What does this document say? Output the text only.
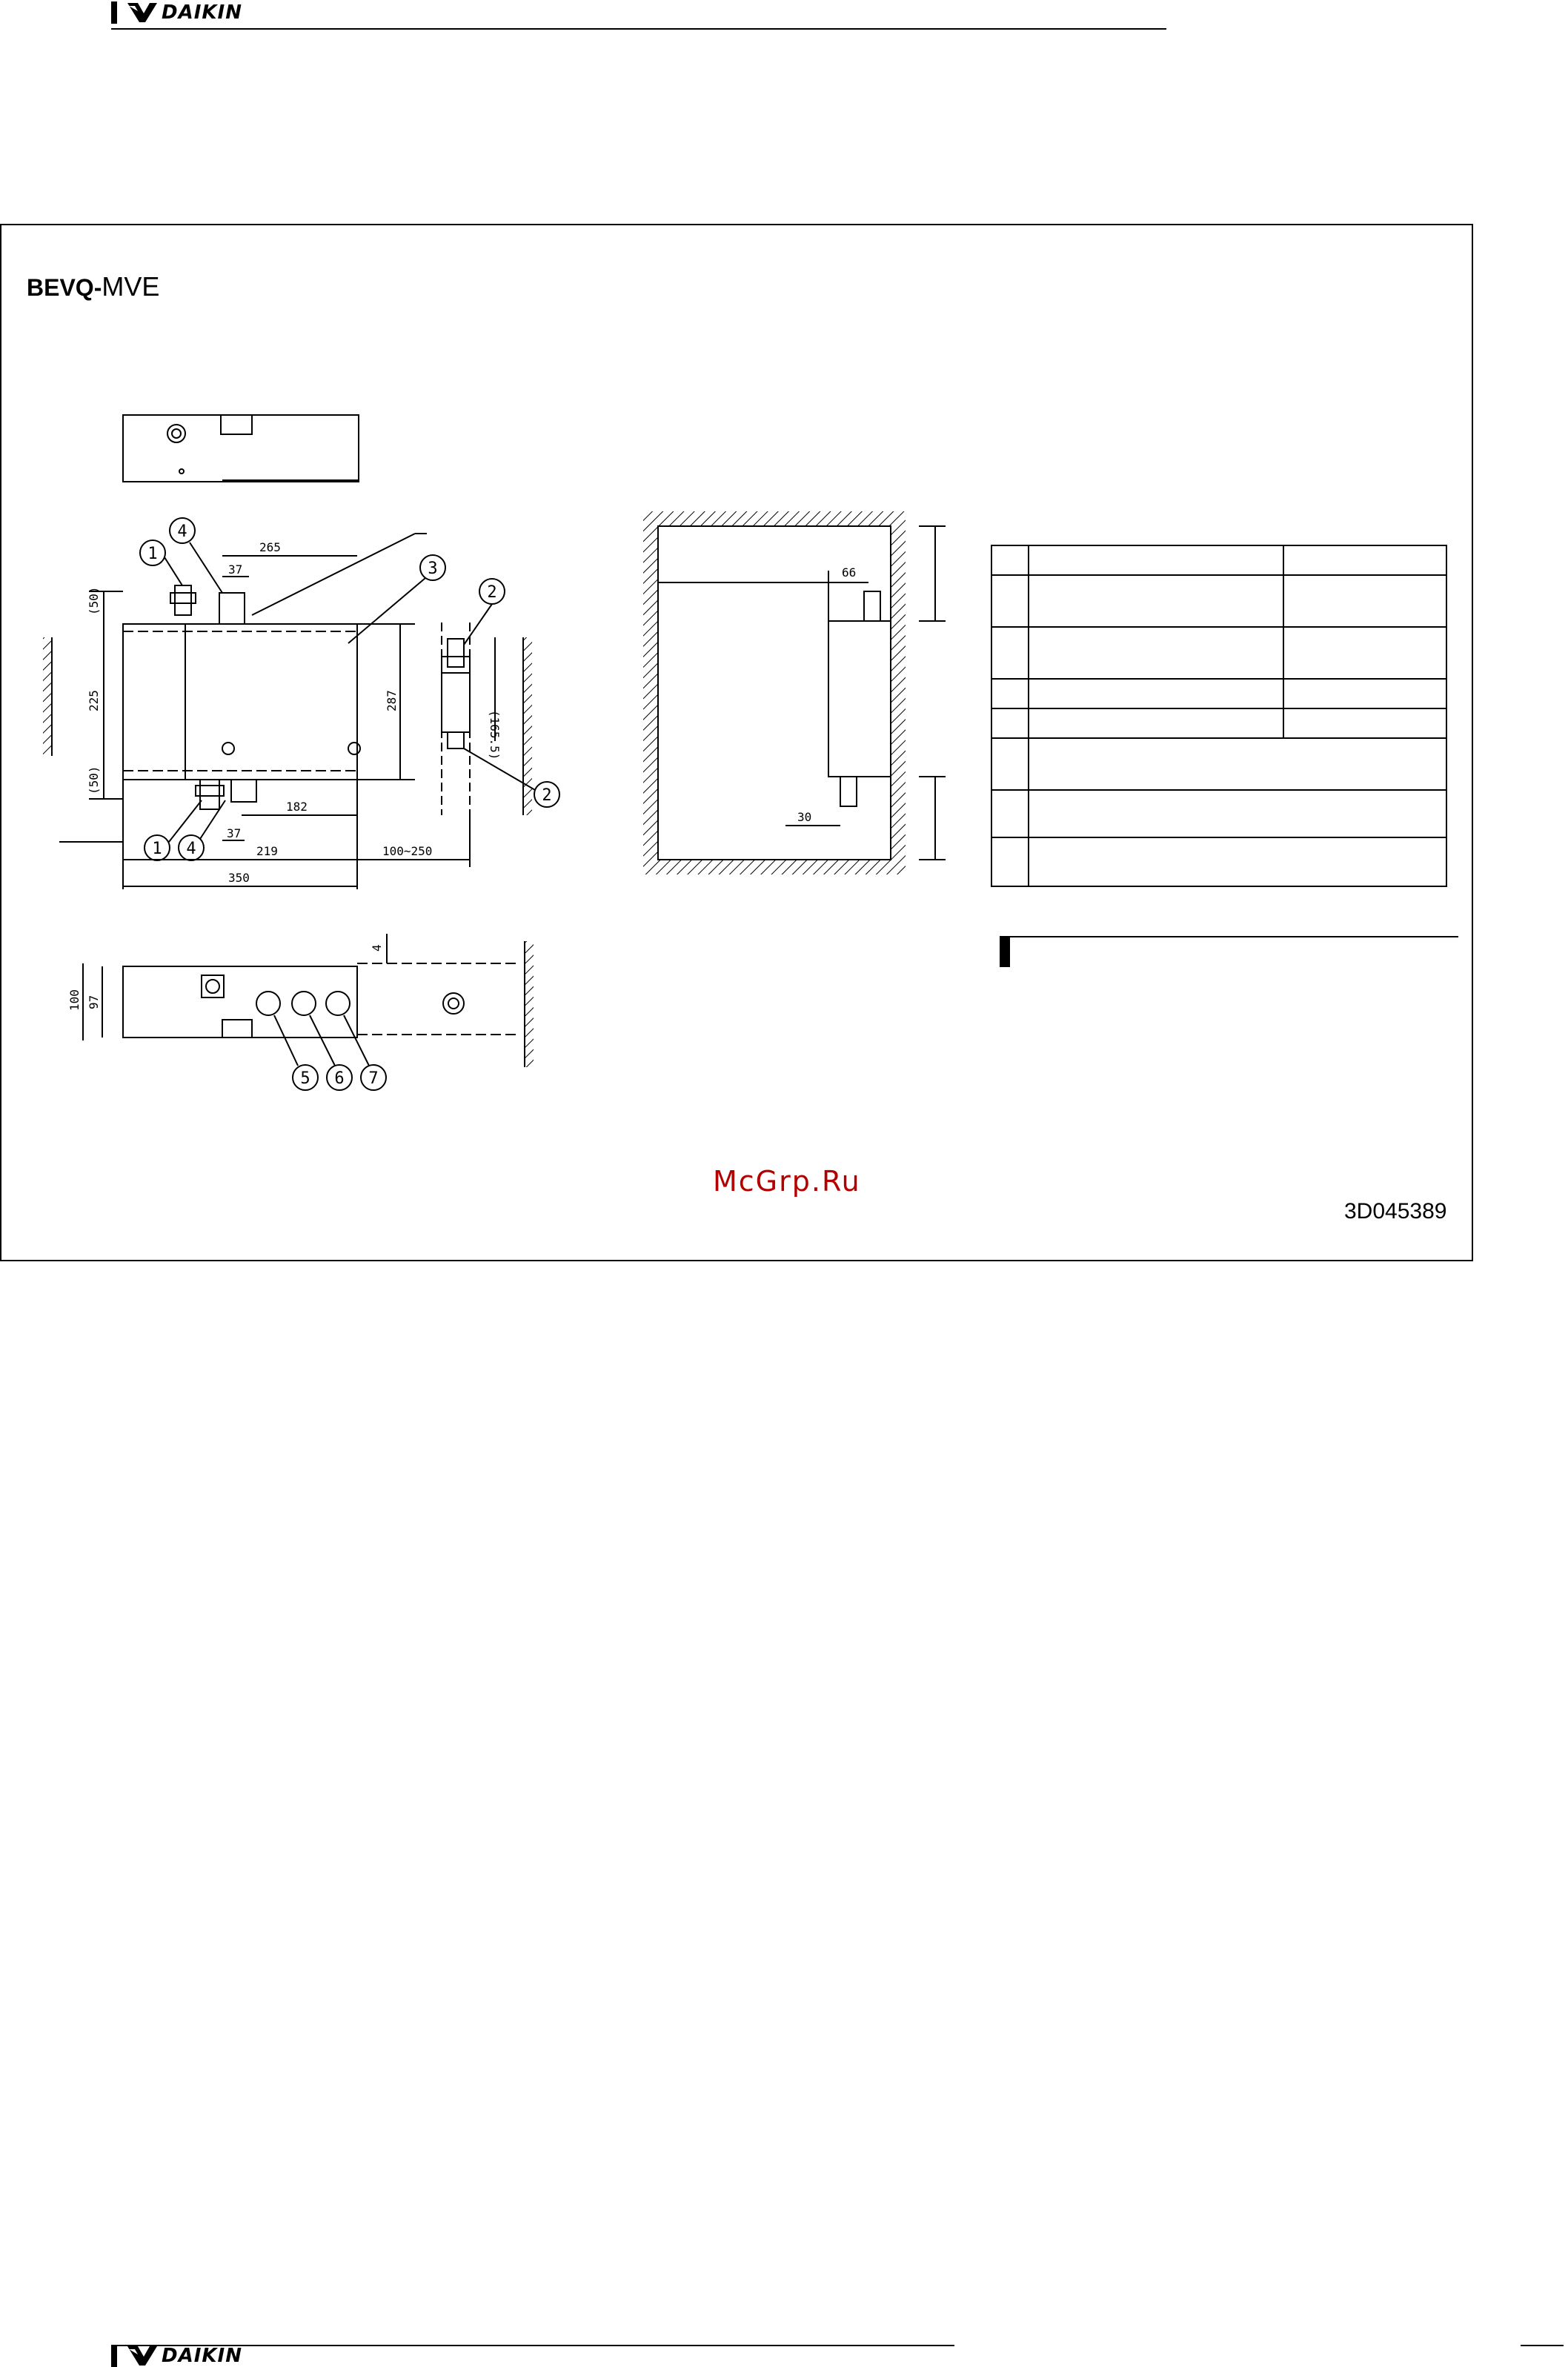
DAIKIN
BEVQ-MVE
265
37
(50)
225
(50)
287
(165.5)
182
37
219	100~250
350
100 97
4
66
30
1
4
3
2
2
1 4
5 6 7
McGrp.Ru
3D045389
DAIKIN
